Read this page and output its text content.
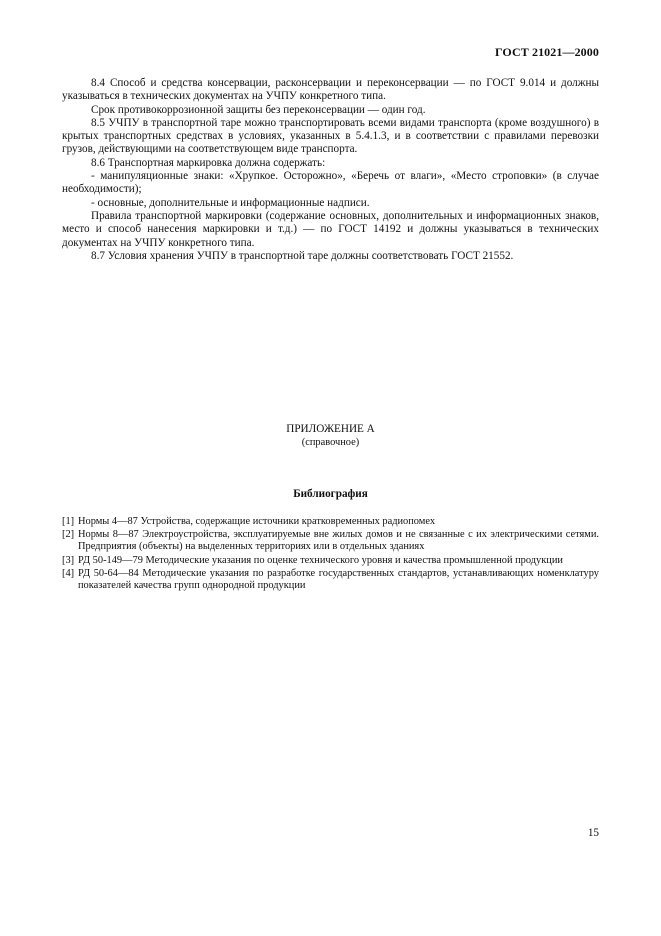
ГОСТ 21021—2000

8.4 Способ и средства консервации, расконсервации и переконсервации — по ГОСТ 9.014 и должны указываться в технических документах на УЧПУ конкретного типа.

Срок противокоррозионной защиты без переконсервации — один год.

8.5 УЧПУ в транспортной таре можно транспортировать всеми видами транспорта (кроме воздушного) в крытых транспортных средствах в условиях, указанных в 5.4.1.3, и в соответствии с правилами перевозки грузов, действующими на соответствующем виде транспорта.

8.6 Транспортная маркировка должна содержать:

- манипуляционные знаки: «Хрупкое. Осторожно», «Беречь от влаги», «Место строповки» (в случае необходимости);

- основные, дополнительные и информационные надписи.

Правила транспортной маркировки (содержание основных, дополнительных и информационных знаков, место и способ нанесения маркировки и т.д.) — по ГОСТ 14192 и должны указываться в технических документах на УЧПУ конкретного типа.

8.7 Условия хранения УЧПУ в транспортной таре должны соответствовать ГОСТ 21552.

ПРИЛОЖЕНИЕ А
(справочное)
Библиография
[1] Нормы 4—87 Устройства, содержащие источники кратковременных радиопомех
[2] Нормы 8—87 Электроустройства, эксплуатируемые вне жилых домов и не связанные с их электрическими сетями. Предприятия (объекты) на выделенных территориях или в отдельных зданиях
[3] РД 50-149—79 Методические указания по оценке технического уровня и качества промышленной продукции
[4] РД 50-64—84 Методические указания по разработке государственных стандартов, устанавливающих номенклатуру показателей качества групп однородной продукции
15
